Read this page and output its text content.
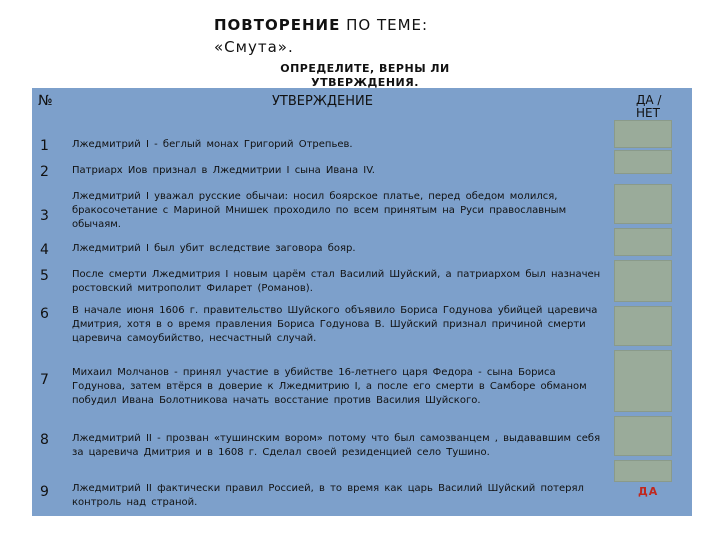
ПОВТОРЕНИЕ ПО ТЕМЕ:
«Смута».
ОПРЕДЕЛИТЕ, ВЕРНЫ ЛИ УТВЕРЖДЕНИЯ.
№	УТВЕРЖДЕНИЕ	ДА / НЕТ
1 Лжедмитрий I - беглый монах Григорий Отрепьев.
2 Патриарх Иов признал в Лжедмитрии I сына Ивана IV.
3
Лжедмитрий I уважал русские обычаи: носил боярское платье, перед обедом молился, бракосочетание с Мариной Мнишек проходило по всем принятым на Руси православным обычаям.
4 Лжедмитрий I был убит вследствие заговора бояр.
5 После смерти Лжедмитрия I новым царём стал Василий Шуйский, а патриархом был назначен ростовский митрополит Филарет (Романов).
6 В начале июня 1606 г. правительство Шуйского объявило Бориса Годунова убийцей царевича Дмитрия, хотя в о время правления Бориса Годунова В. Шуйский признал причиной смерти царевича самоубийство, несчастный случай.
7 Михаил Молчанов - принял участие в убийстве 16-летнего царя Федора - сына Бориса Годунова, затем втёрся в доверие к Лжедмитрию I, а после его смерти в Самборе обманом побудил Ивана Болотникова начать восстание против Василия Шуйского.
8 Лжедмитрий II - прозван «тушинским вором» потому что был самозванцем , выдававшим себя за царевича Дмитрия и в 1608 г. Сделал своей резиденцией село Тушино.
9 Лжедмитрий II фактически правил Россией, в то время как царь Василий Шуйский потерял контроль над страной.
ДА
